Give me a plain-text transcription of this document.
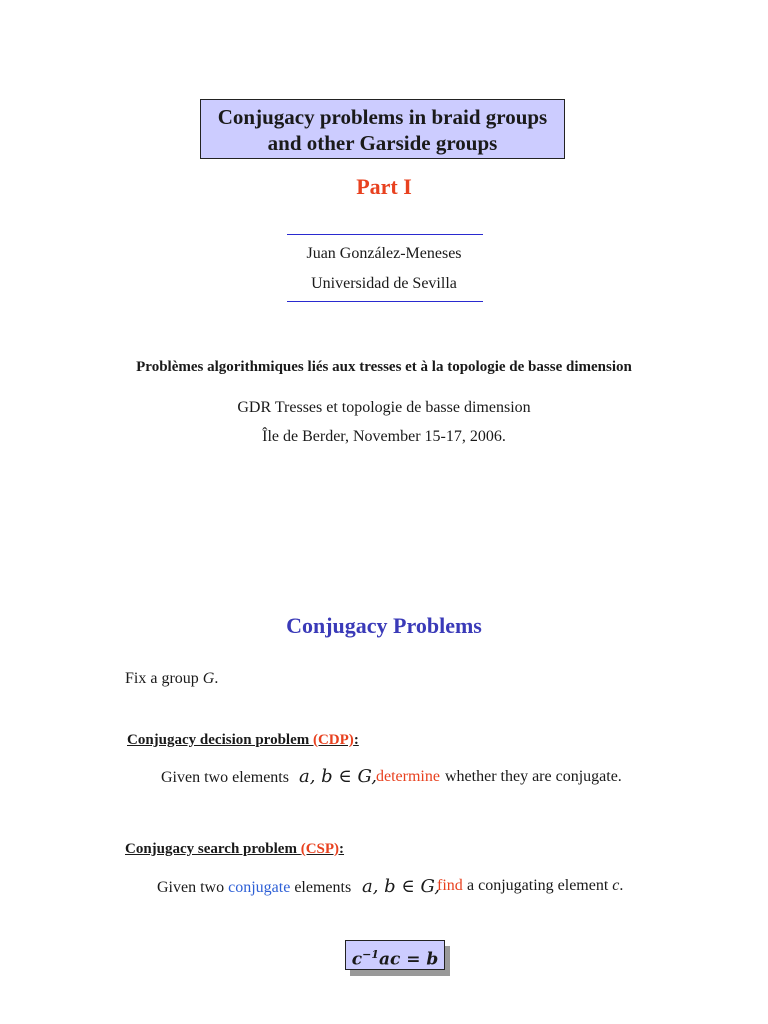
Conjugacy problems in braid groups
and other Garside groups
Part I
Juan González-Meneses
Universidad de Sevilla
Problèmes algorithmiques liés aux tresses et à la topologie de basse dimension
GDR Tresses et topologie de basse dimension
Île de Berder, November 15-17, 2006.
Conjugacy Problems
Fix a group G.
Conjugacy decision problem (CDP):
Given two elements a, b ∈ G, determine whether they are conjugate.
Conjugacy search problem (CSP):
Given two conjugate elements a, b ∈ G,
find a conjugating element c.
$c^{-1}ac = b$
